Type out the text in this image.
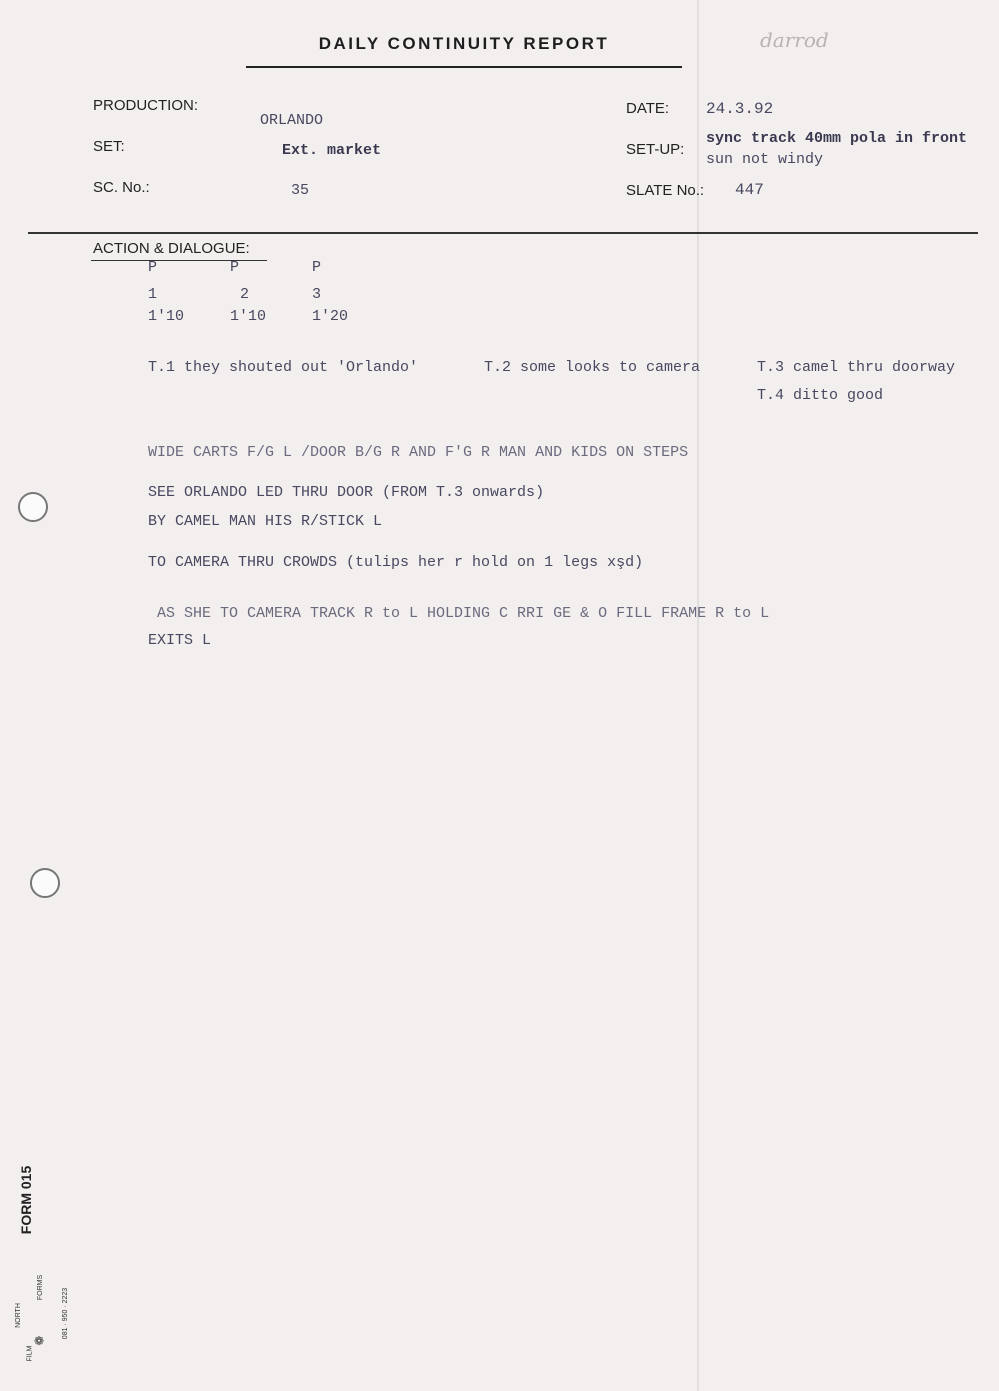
DAILY CONTINUITY REPORT	darrod
PRODUCTION:
ORLANDO
SET:	Ext. market
SC. No.:	35
DATE: 24.3.92
SET-UP:
sync track 40mm pola in front
sun not windy
SLATE No.: 447
ACTION & DIALOGUE:
P	P	P
1	2	3
1'10	1'10	1'20
T.1 they shouted out 'Orlando'	T.2 some looks to camera	T.3 camel thru doorway
T.4 ditto good
WIDE CARTS F/G L /DOOR B/G R AND F'G R MAN AND KIDS ON STEPS
SEE ORLANDO LED THRU DOOR (FROM T.3 onwards)
BY CAMEL MAN HIS R/STICK L
TO CAMERA THRU CROWDS (tulips her r hold on 1 legs xşd)
AS SHE TO CAMERA TRACK R to L HOLDING C RRI GE & O FILL FRAME R to L
EXITS L
FORM 015
NORTH
FILM
FORMS
❁
081 · 950 · 2223
